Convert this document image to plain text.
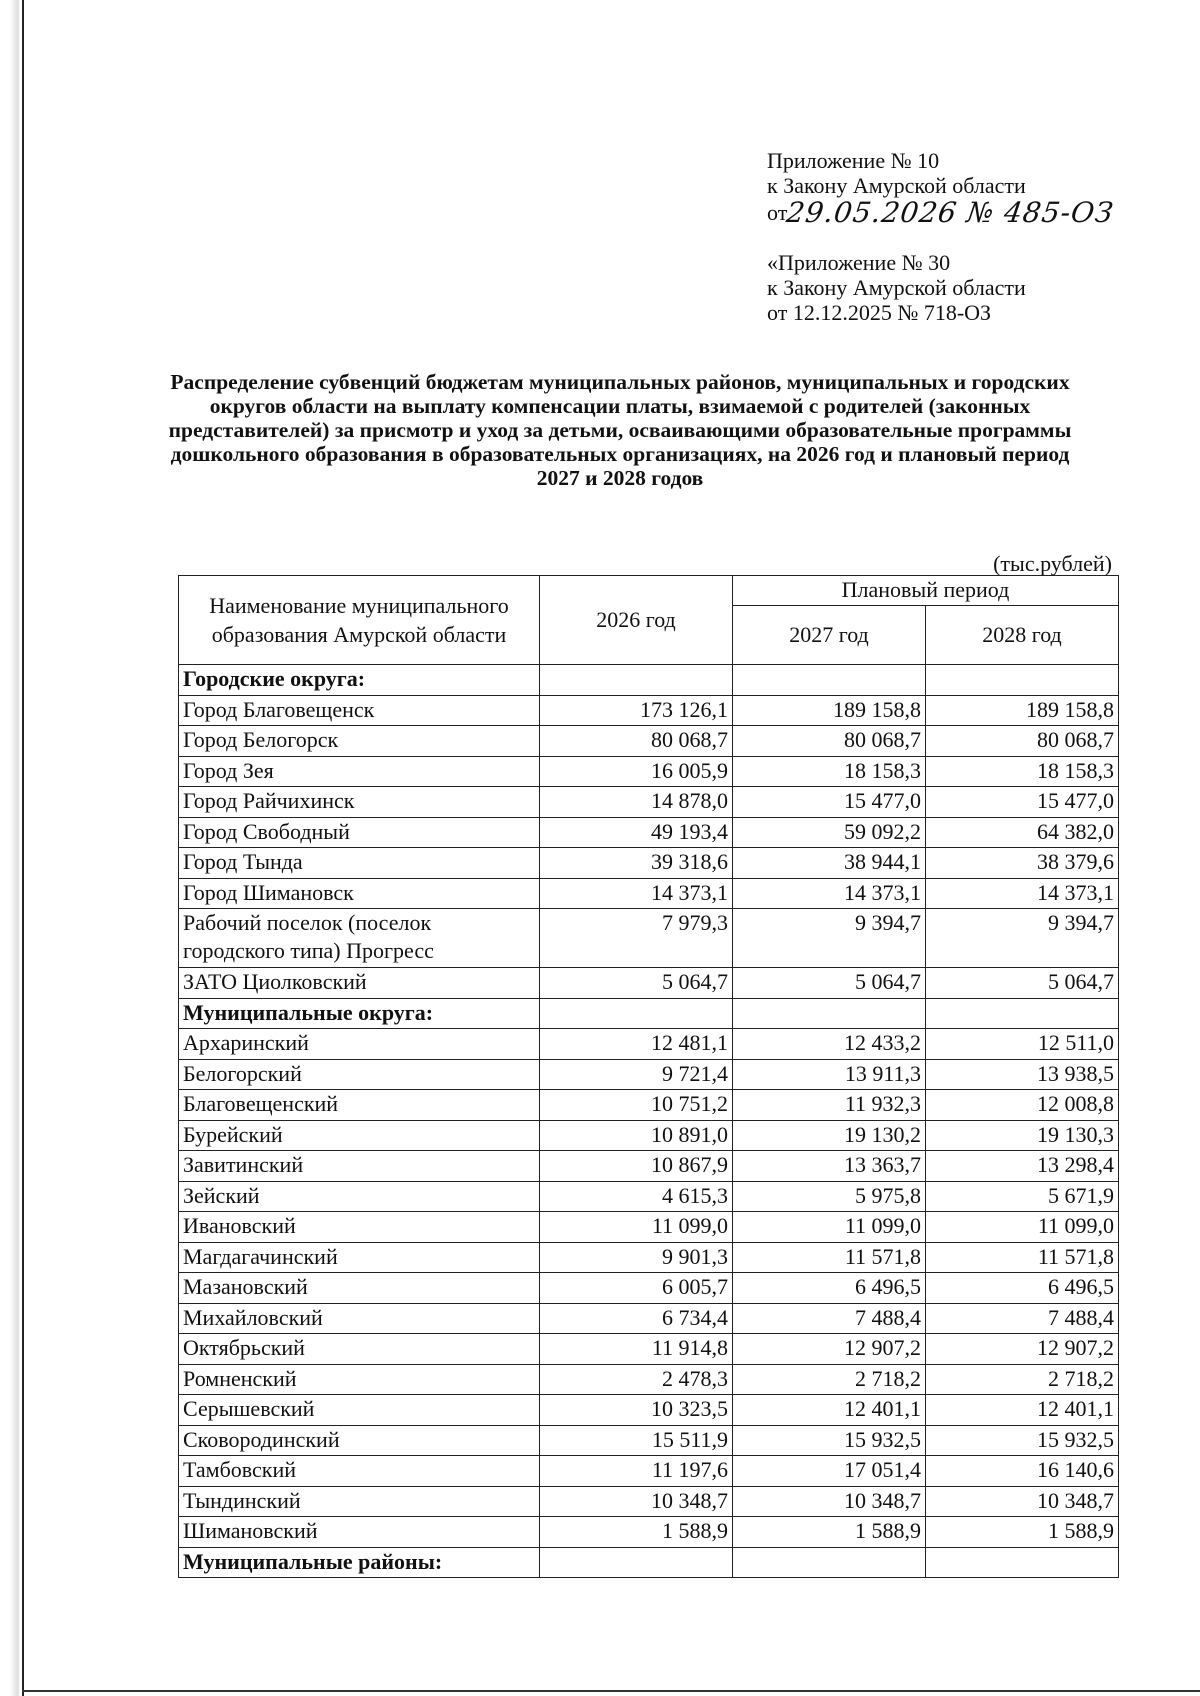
Приложение № 10
к Закону Амурской области
от29.05.2026 № 485-ОЗ
«Приложение № 30
к Закону Амурской области
от 12.12.2025 № 718-ОЗ
Распределение субвенций бюджетам муниципальных районов, муниципальных и городских округов области на выплату компенсации платы, взимаемой с родителей (законных представителей) за присмотр и уход за детьми, осваивающими образовательные программы дошкольного образования в образовательных организациях, на 2026 год и плановый период 2027 и 2028 годов
(тыс.рублей)
Наименование муниципального образования Амурской области	2026 год	Плановый период	
		2027 год	2028 год
Городские округа:			
Город Благовещенск	173 126,1	189 158,8	189 158,8
Город Белогорск	80 068,7	80 068,7	80 068,7
Город Зея	16 005,9	18 158,3	18 158,3
Город Райчихинск	14 878,0	15 477,0	15 477,0
Город Свободный	49 193,4	59 092,2	64 382,0
Город Тында	39 318,6	38 944,1	38 379,6
Город Шимановск	14 373,1	14 373,1	14 373,1
Рабочий поселок (поселок городского типа) Прогресс	7 979,3	9 394,7	9 394,7
ЗАТО Циолковский	5 064,7	5 064,7	5 064,7
Муниципальные округа:			
Архаринский	12 481,1	12 433,2	12 511,0
Белогорский	9 721,4	13 911,3	13 938,5
Благовещенский	10 751,2	11 932,3	12 008,8
Бурейский	10 891,0	19 130,2	19 130,3
Завитинский	10 867,9	13 363,7	13 298,4
Зейский	4 615,3	5 975,8	5 671,9
Ивановский	11 099,0	11 099,0	11 099,0
Магдагачинский	9 901,3	11 571,8	11 571,8
Мазановский	6 005,7	6 496,5	6 496,5
Михайловский	6 734,4	7 488,4	7 488,4
Октябрьский	11 914,8	12 907,2	12 907,2
Ромненский	2 478,3	2 718,2	2 718,2
Серышевский	10 323,5	12 401,1	12 401,1
Сковородинский	15 511,9	15 932,5	15 932,5
Тамбовский	11 197,6	17 051,4	16 140,6
Тындинский	10 348,7	10 348,7	10 348,7
Шимановский	1 588,9	1 588,9	1 588,9
Муниципальные районы:			
